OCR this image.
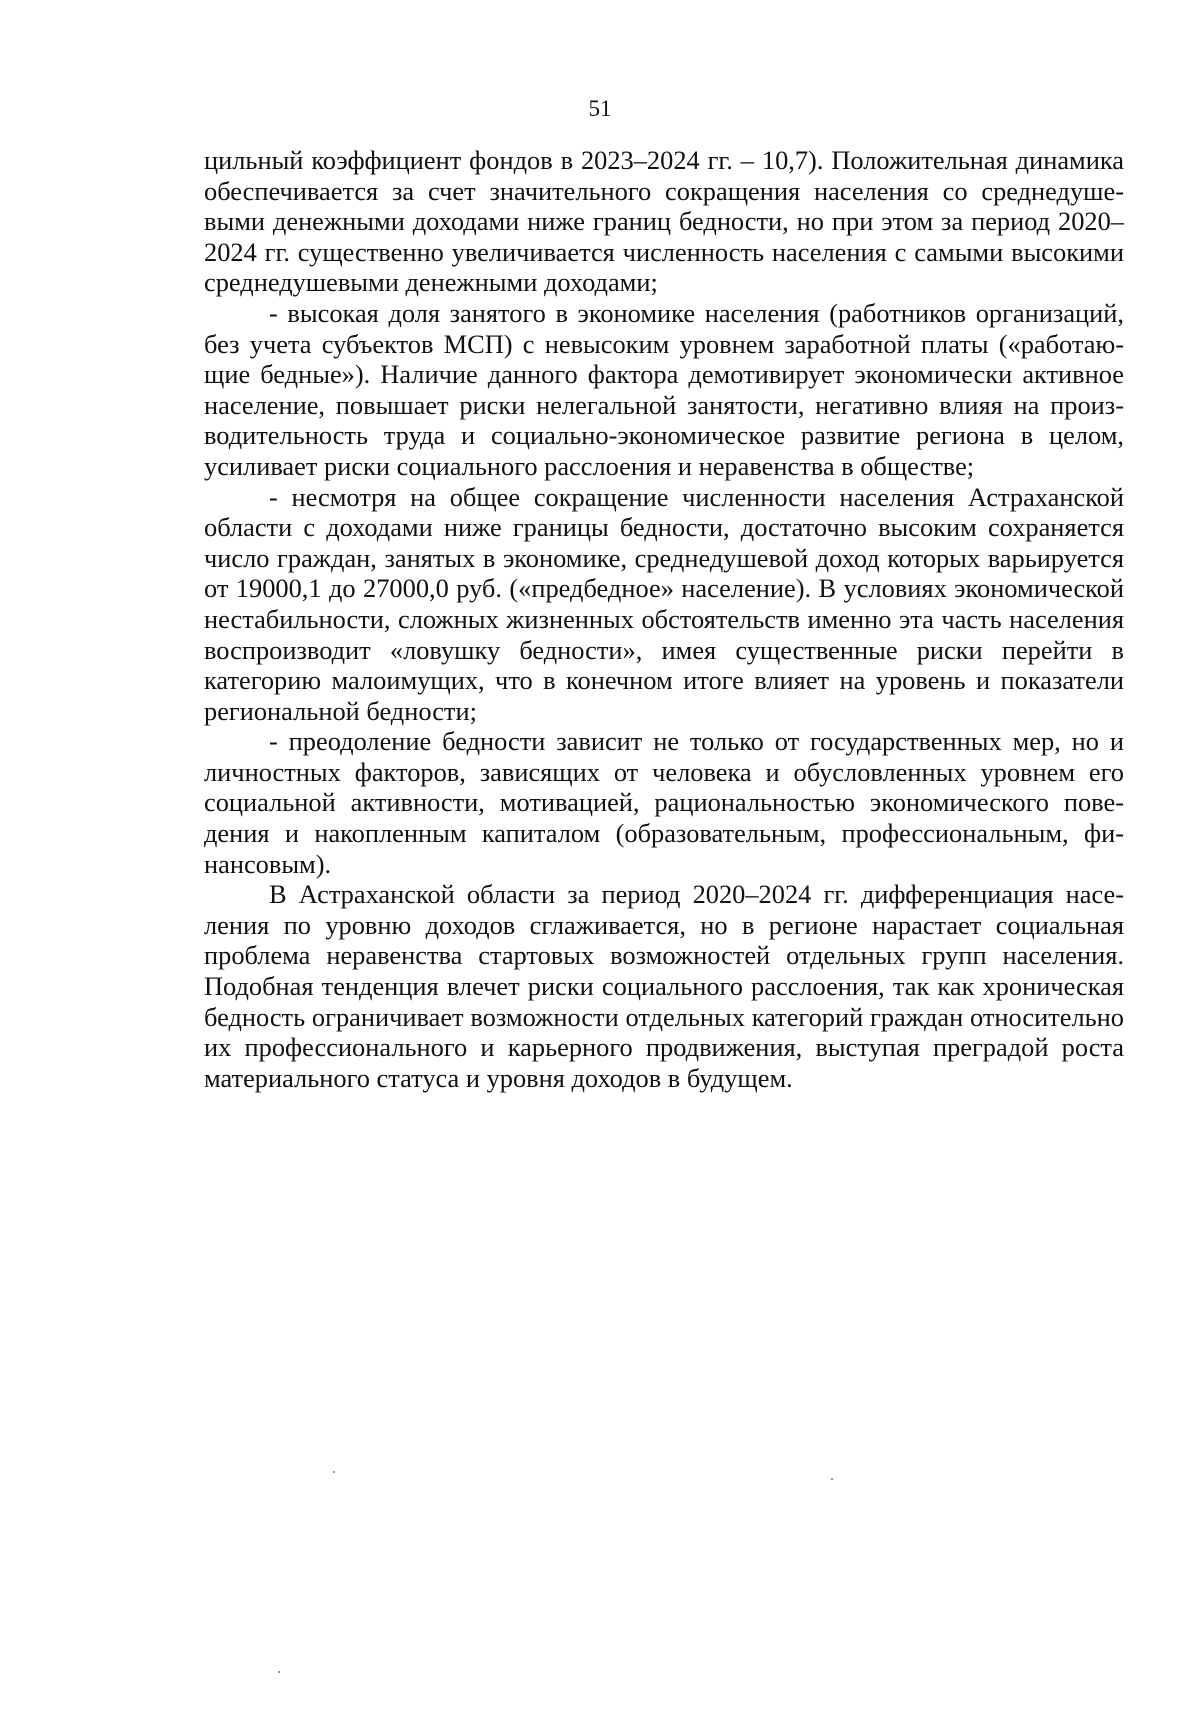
51

цильный коэффициент фондов в 2023–2024 гг. – 10,7). Положительная динамика обеспечивается за счет значительного сокращения населения со среднедушевыми денежными доходами ниже границ бедности, но при этом за период 2020–2024 гг. существенно увеличивается численность населения с самыми высокими среднедушевыми денежными доходами;

- высокая доля занятого в экономике населения (работников организаций, без учета субъектов МСП) с невысоким уровнем заработной платы («работающие бедные»). Наличие данного фактора демотивирует экономически активное население, повышает риски нелегальной занятости, негативно влияя на производительность труда и социально-экономическое развитие региона в целом, усиливает риски социального расслоения и неравенства в обществе;

- несмотря на общее сокращение численности населения Астраханской области с доходами ниже границы бедности, достаточно высоким сохраняется число граждан, занятых в экономике, среднедушевой доход которых варьируется от 19000,1 до 27000,0 руб. («предбедное» население). В условиях экономической нестабильности, сложных жизненных обстоятельств именно эта часть населения воспроизводит «ловушку бедности», имея существенные риски перейти в категорию малоимущих, что в конечном итоге влияет на уровень и показатели региональной бедности;

- преодоление бедности зависит не только от государственных мер, но и личностных факторов, зависящих от человека и обусловленных уровнем его социальной активности, мотивацией, рациональностью экономического поведения и накопленным капиталом (образовательным, профессиональным, финансовым).

В Астраханской области за период 2020–2024 гг. дифференциация населения по уровню доходов сглаживается, но в регионе нарастает социальная проблема неравенства стартовых возможностей отдельных групп населения. Подобная тенденция влечет риски социального расслоения, так как хроническая бедность ограничивает возможности отдельных категорий граждан относительно их профессионального и карьерного продвижения, выступая преградой роста материального статуса и уровня доходов в будущем.
